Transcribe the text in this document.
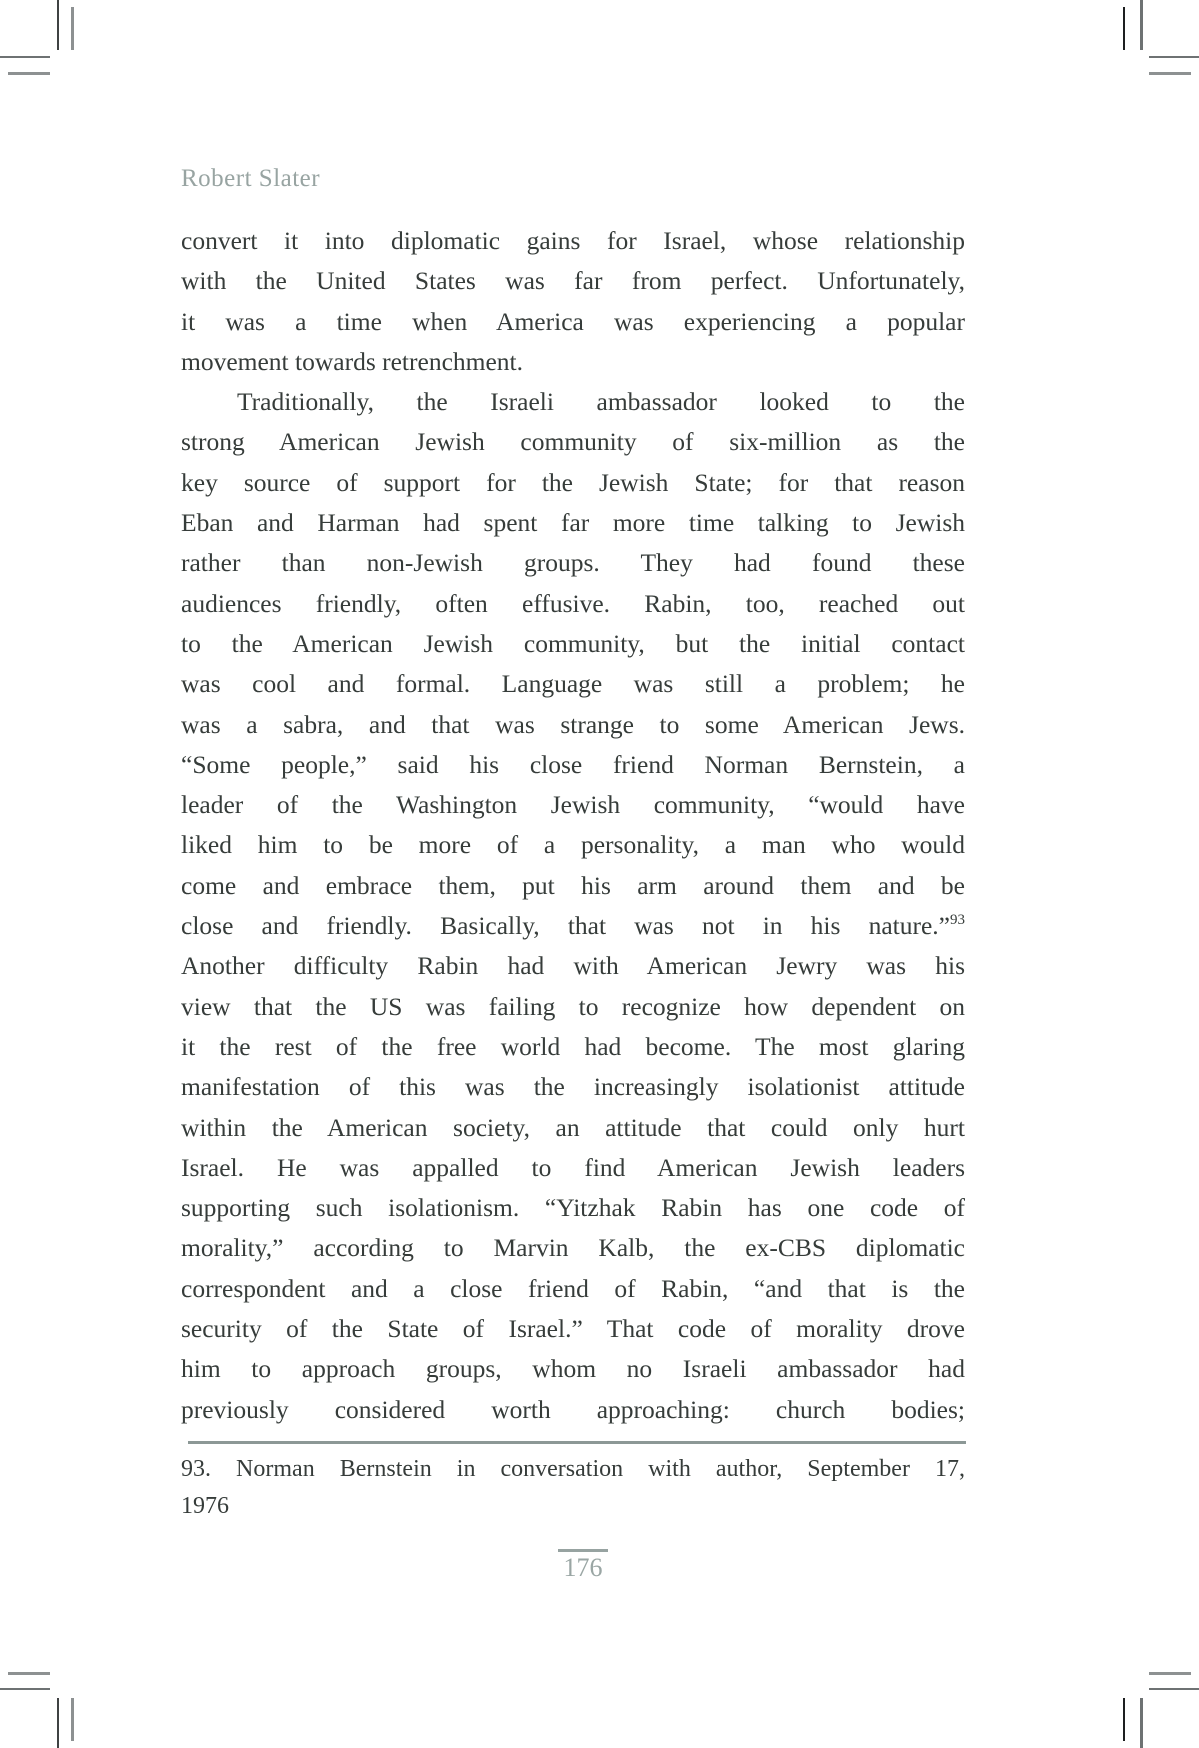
Robert Slater
convert it into diplomatic gains for Israel, whose relationship
with the United States was far from perfect. Unfortunately,
it was a time when America was experiencing a popular
movement towards retrenchment.
Traditionally, the Israeli ambassador looked to the
strong American Jewish community of six-million as the
key source of support for the Jewish State; for that reason
Eban and Harman had spent far more time talking to Jewish
rather than non-Jewish groups. They had found these
audiences friendly, often effusive. Rabin, too, reached out
to the American Jewish community, but the initial contact
was cool and formal. Language was still a problem; he
was a sabra, and that was strange to some American Jews.
“Some people,” said his close friend Norman Bernstein, a
leader of the Washington Jewish community, “would have
liked him to be more of a personality, a man who would
come and embrace them, put his arm around them and be
close and friendly. Basically, that was not in his nature.”$^{93}$
Another difficulty Rabin had with American Jewry was his
view that the US was failing to recognize how dependent on
it the rest of the free world had become. The most glaring
manifestation of this was the increasingly isolationist attitude
within the American society, an attitude that could only hurt
Israel. He was appalled to find American Jewish leaders
supporting such isolationism. “Yitzhak Rabin has one code of
morality,” according to Marvin Kalb, the ex-CBS diplomatic
correspondent and a close friend of Rabin, “and that is the
security of the State of Israel.” That code of morality drove
him to approach groups, whom no Israeli ambassador had
previously considered worth approaching: church bodies;
93. Norman Bernstein in conversation with author, September 17,
1976
176
